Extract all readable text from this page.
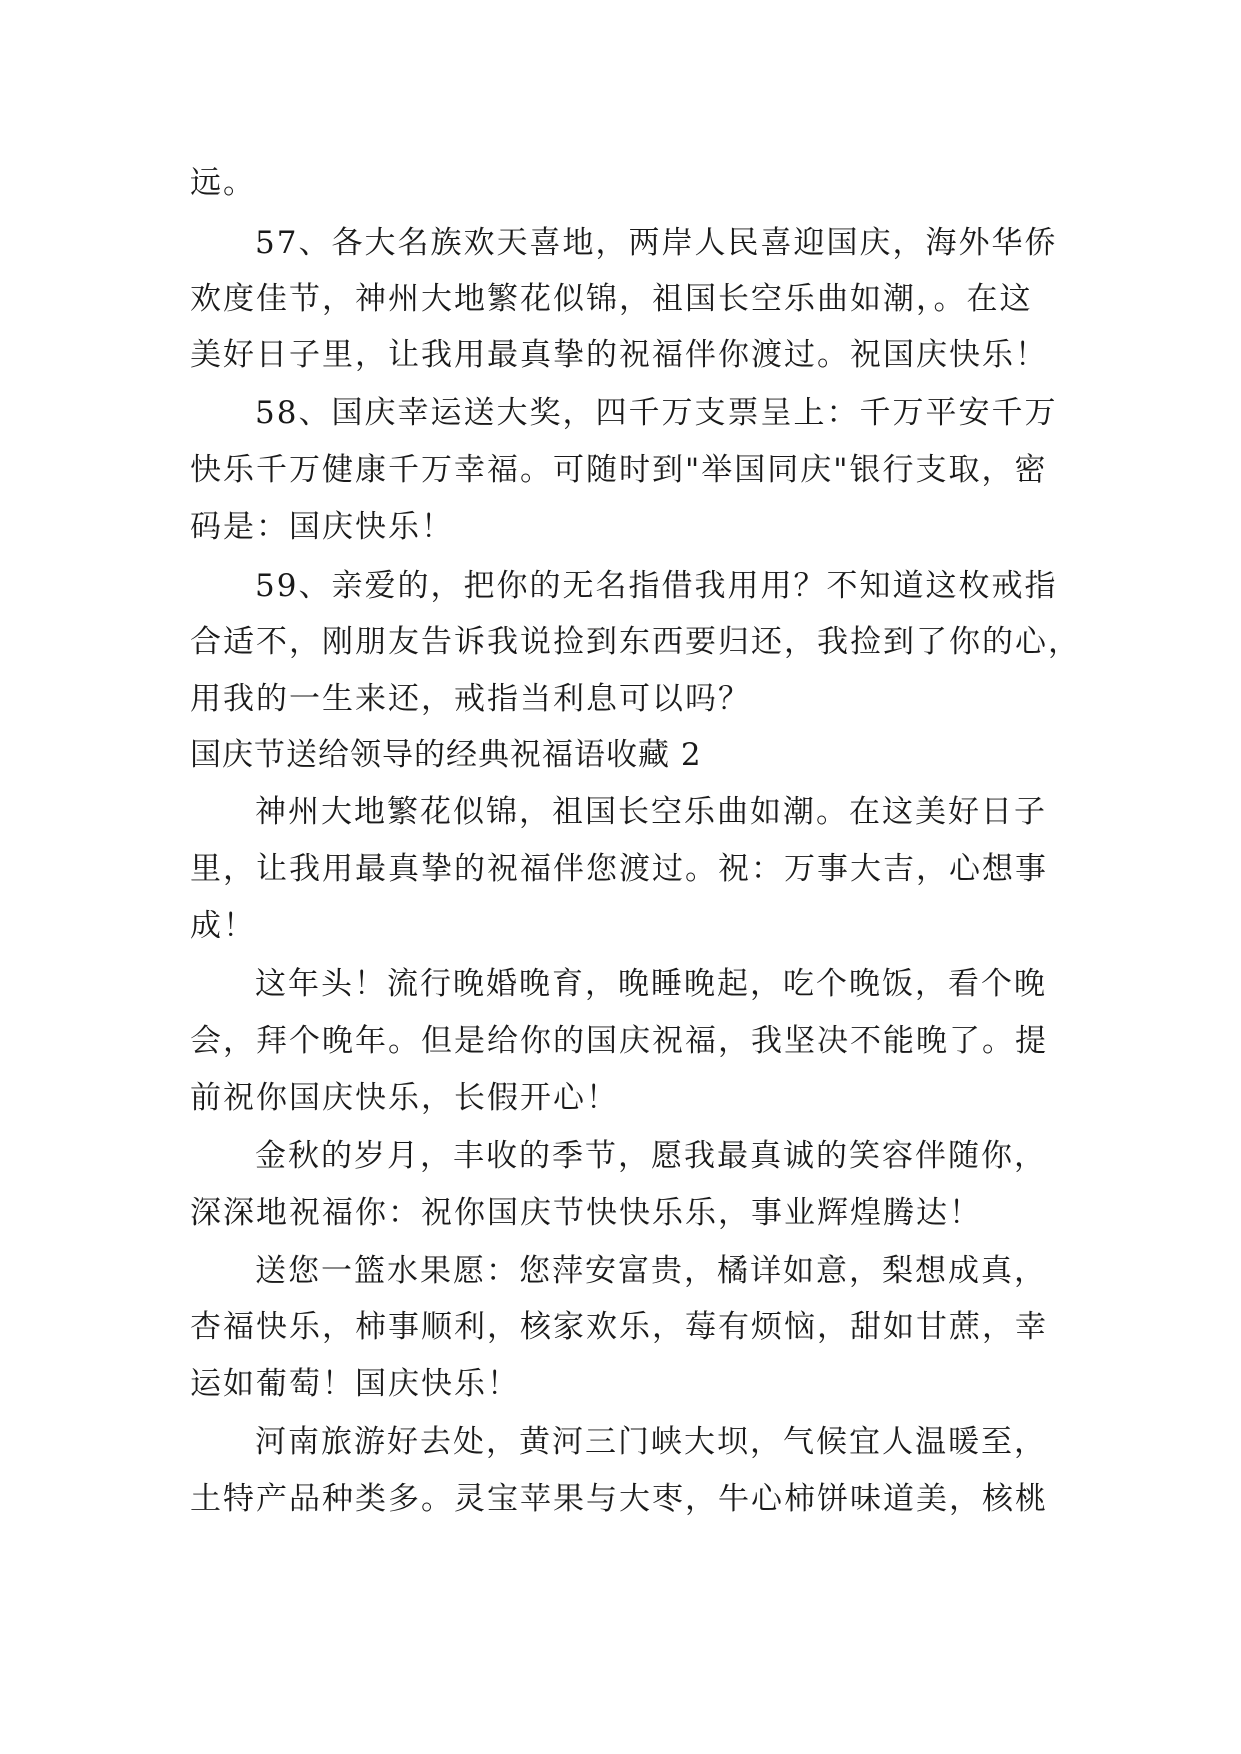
远。
57、各大名族欢天喜地，两岸人民喜迎国庆，海外华侨
欢度佳节，神州大地繁花似锦，祖国长空乐曲如潮，。在这
美好日子里，让我用最真挚的祝福伴你渡过。祝国庆快乐！
58、国庆幸运送大奖，四千万支票呈上：千万平安千万
快乐千万健康千万幸福。可随时到"举国同庆"银行支取，密
码是：国庆快乐！
59、亲爱的，把你的无名指借我用用？不知道这枚戒指
合适不，刚朋友告诉我说捡到东西要归还，我捡到了你的心，
用我的一生来还，戒指当利息可以吗？
国庆节送给领导的经典祝福语收藏 2
神州大地繁花似锦，祖国长空乐曲如潮。在这美好日子
里，让我用最真挚的祝福伴您渡过。祝：万事大吉，心想事
成！
这年头！流行晚婚晚育，晚睡晚起，吃个晚饭，看个晚
会，拜个晚年。但是给你的国庆祝福，我坚决不能晚了。提
前祝你国庆快乐，长假开心！
金秋的岁月，丰收的季节，愿我最真诚的笑容伴随你，
深深地祝福你：祝你国庆节快快乐乐，事业辉煌腾达！
送您一篮水果愿：您萍安富贵，橘详如意，梨想成真，
杏福快乐，柿事顺利，核家欢乐，莓有烦恼，甜如甘蔗，幸
运如葡萄！国庆快乐！
河南旅游好去处，黄河三门峡大坝，气候宜人温暖至，
土特产品种类多。灵宝苹果与大枣，牛心柿饼味道美，核桃
